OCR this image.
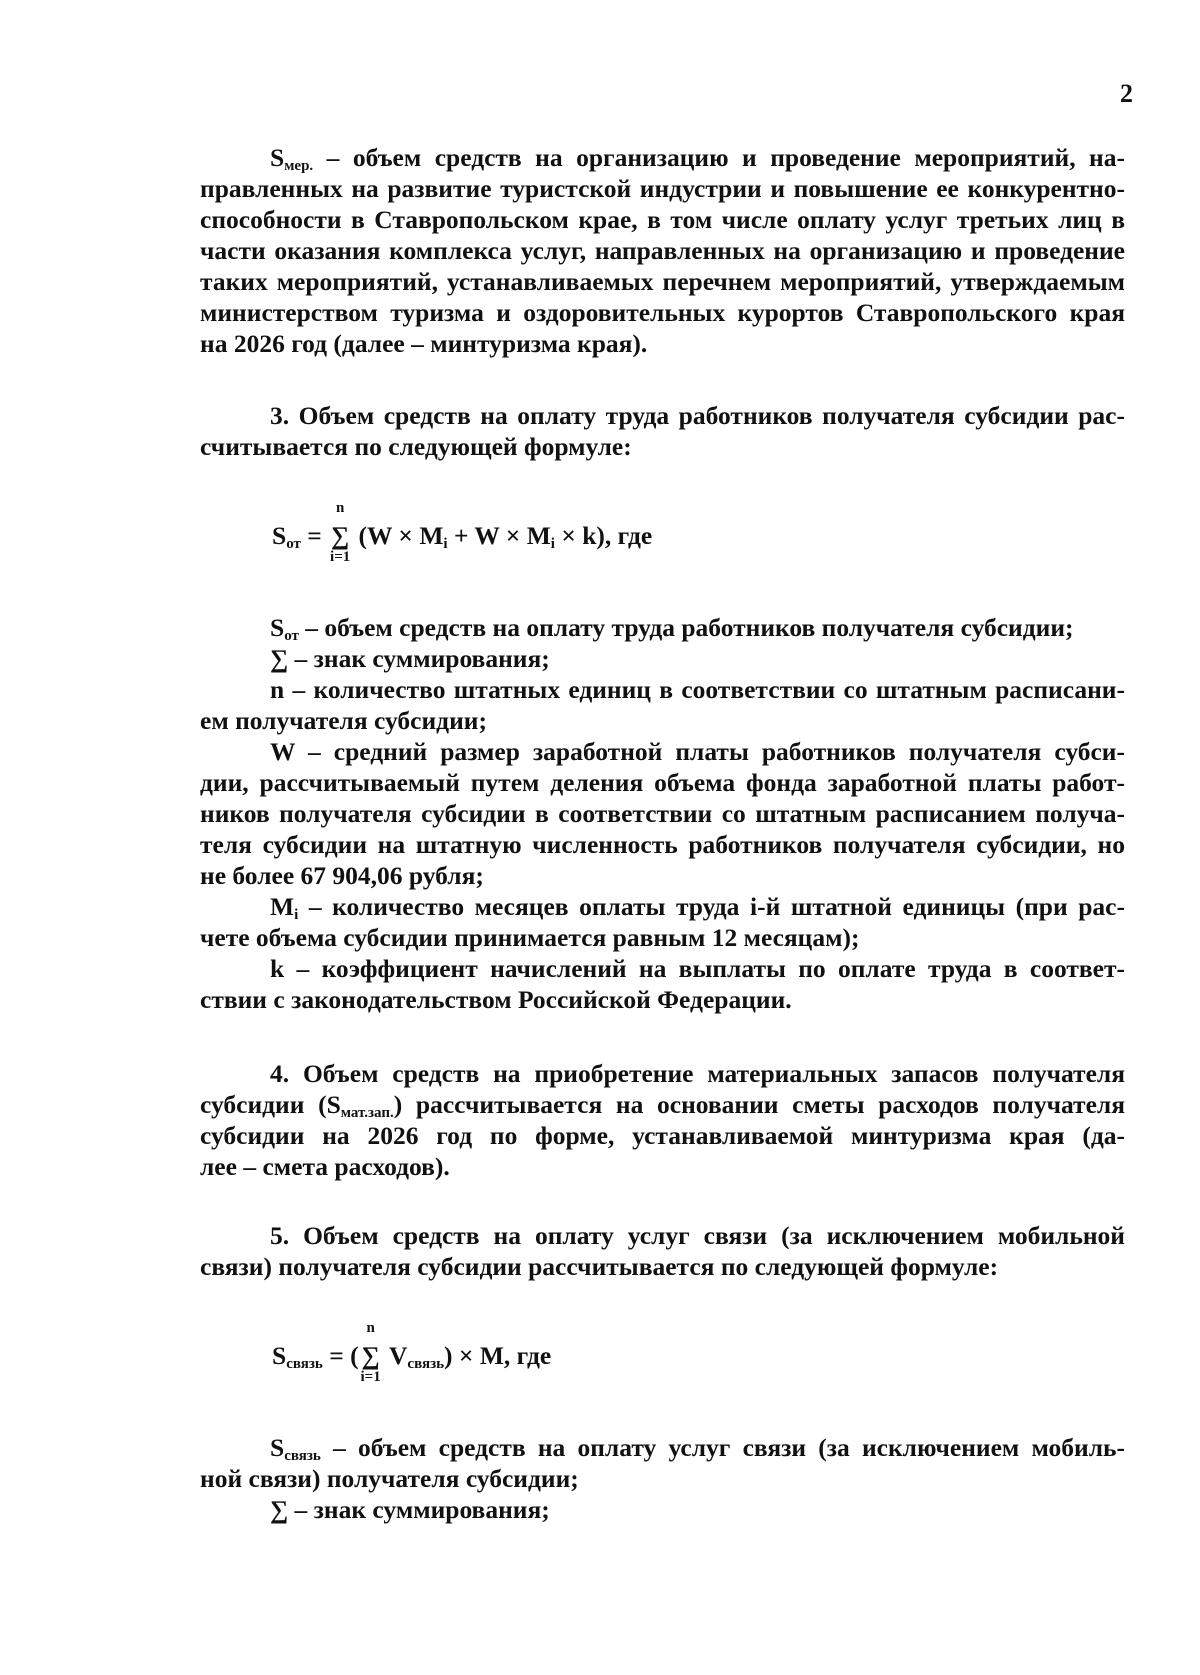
2
$S_{мер.}$ – объем средств на организацию и проведение мероприятий, на-
правленных на развитие туристской индустрии и повышение ее конкурентно-
способности в Ставропольском крае, в том числе оплату услуг третьих лиц в
части оказания комплекса услуг, направленных на организацию и проведение
таких мероприятий, устанавливаемых перечнем мероприятий, утверждаемым
министерством туризма и оздоровительных курортов Ставропольского края
на 2026 год (далее – минтуризма края).
3. Объем средств на оплату труда работников получателя субсидии рас-
считывается по следующей формуле:
$S_{от}$ =
n
∑
i=1
$(W \times M_i + W \times M_i \times k)$, где
$S_{от}$ – объем средств на оплату труда работников получателя субсидии;
∑ – знак суммирования;
n – количество штатных единиц в соответствии со штатным расписани-
ем получателя субсидии;
W – средний размер заработной платы работников получателя субси-
дии, рассчитываемый путем деления объема фонда заработной платы работ-
ников получателя субсидии в соответствии со штатным расписанием получа-
теля субсидии на штатную численность работников получателя субсидии, но
не более 67 904,06 рубля;
$M_i$ – количество месяцев оплаты труда i-й штатной единицы (при рас-
чете объема субсидии принимается равным 12 месяцам);
k – коэффициент начислений на выплаты по оплате труда в соответ-
ствии с законодательством Российской Федерации.
4. Объем средств на приобретение материальных запасов получателя
субсидии $(S_{мат.зап.})$ рассчитывается на основании сметы расходов получателя
субсидии на 2026 год по форме, устанавливаемой минтуризма края (да-
лее – смета расходов).
5. Объем средств на оплату услуг связи (за исключением мобильной
связи) получателя субсидии рассчитывается по следующей формуле:
$S_{связь}$ = (
n
∑
i=1
$V_{связь}) \times M$, где
$S_{связь}$ – объем средств на оплату услуг связи (за исключением мобиль-
ной связи) получателя субсидии;
∑ – знак суммирования;
